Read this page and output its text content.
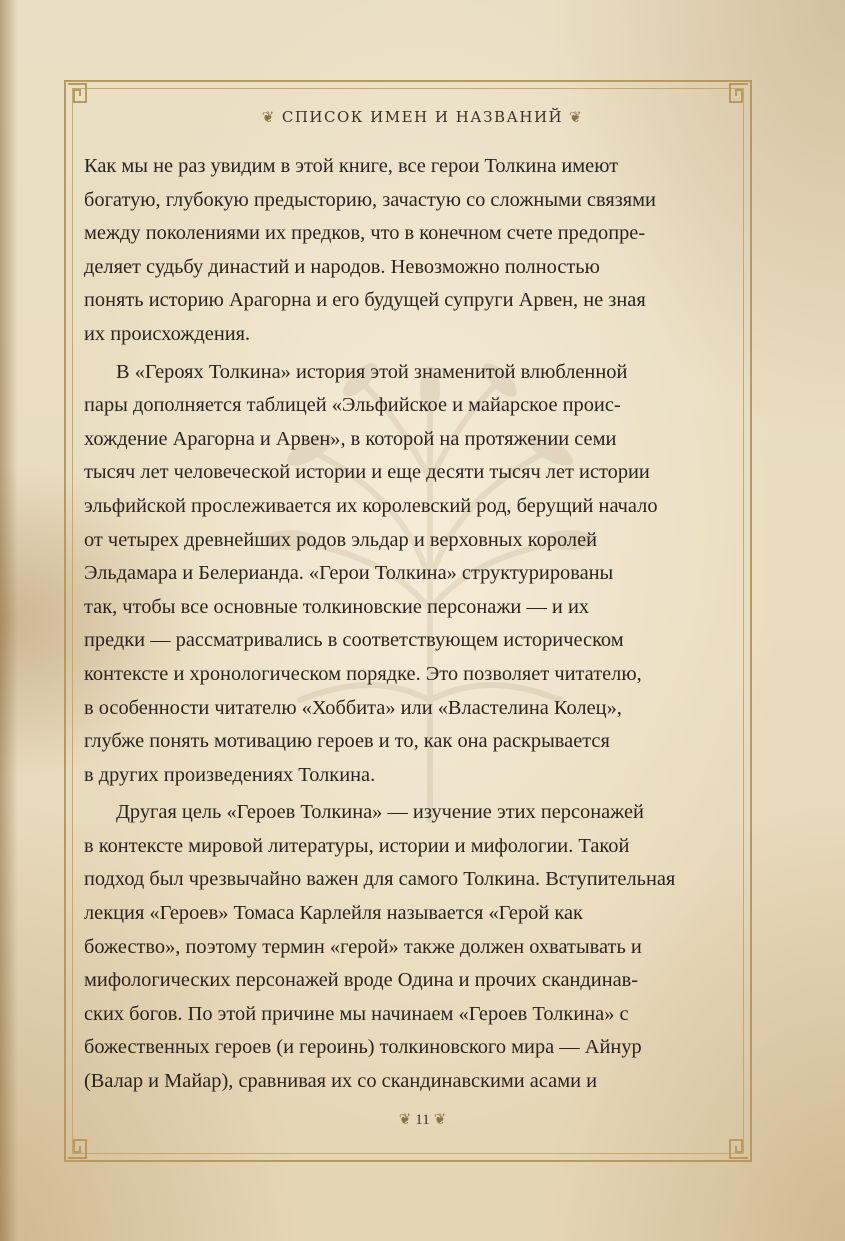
❦ СПИСОК ИМЕН И НАЗВАНИЙ ❦
Как мы не раз увидим в этой книге, все герои Толкина имеют
богатую, глубокую предысторию, зачастую со сложными связями
между поколениями их предков, что в конечном счете предопре-
деляет судьбу династий и народов. Невозможно полностью
понять историю Арагорна и его будущей супруги Арвен, не зная
их происхождения.
В «Героях Толкина» история этой знаменитой влюбленной
пары дополняется таблицей «Эльфийское и майарское проис-
хождение Арагорна и Арвен», в которой на протяжении семи
тысяч лет человеческой истории и еще десяти тысяч лет истории
эльфийской прослеживается их королевский род, берущий начало
от четырех древнейших родов эльдар и верховных королей
Эльдамара и Белерианда. «Герои Толкина» структурированы
так, чтобы все основные толкиновские персонажи — и их
предки — рассматривались в соответствующем историческом
контексте и хронологическом порядке. Это позволяет читателю,
в особенности читателю «Хоббита» или «Властелина Колец»,
глубже понять мотивацию героев и то, как она раскрывается
в других произведениях Толкина.
Другая цель «Героев Толкина» — изучение этих персонажей
в контексте мировой литературы, истории и мифологии. Такой
подход был чрезвычайно важен для самого Толкина. Вступительная
лекция «Героев» Томаса Карлейля называется «Герой как
божество», поэтому термин «герой» также должен охватывать и
мифологических персонажей вроде Одина и прочих скандинав-
ских богов. По этой причине мы начинаем «Героев Толкина» с
божественных героев (и героинь) толкиновского мира — Айнур
(Валар и Майар), сравнивая их со скандинавскими асами и
❦ 11 ❦
